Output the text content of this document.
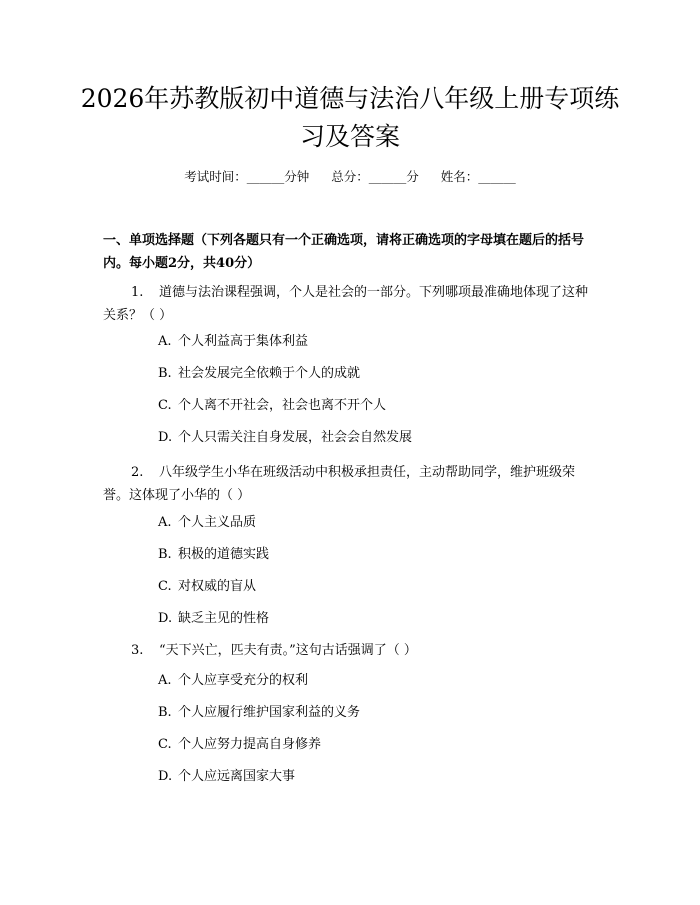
2026年苏教版初中道德与法治八年级上册专项练习及答案
考试时间：______分钟 总分：______分 姓名：______
一、单项选择题（下列各题只有一个正确选项，请将正确选项的字母填在题后的括号内。每小题2分，共40分）
1. 道德与法治课程强调，个人是社会的一部分。下列哪项最准确地体现了这种关系？（ ）
A. 个人利益高于集体利益
B. 社会发展完全依赖于个人的成就
C. 个人离不开社会，社会也离不开个人
D. 个人只需关注自身发展，社会会自然发展
2. 八年级学生小华在班级活动中积极承担责任，主动帮助同学，维护班级荣誉。这体现了小华的（ ）
A. 个人主义品质
B. 积极的道德实践
C. 对权威的盲从
D. 缺乏主见的性格
3. “天下兴亡，匹夫有责。”这句古话强调了（ ）
A. 个人应享受充分的权利
B. 个人应履行维护国家利益的义务
C. 个人应努力提高自身修养
D. 个人应远离国家大事
